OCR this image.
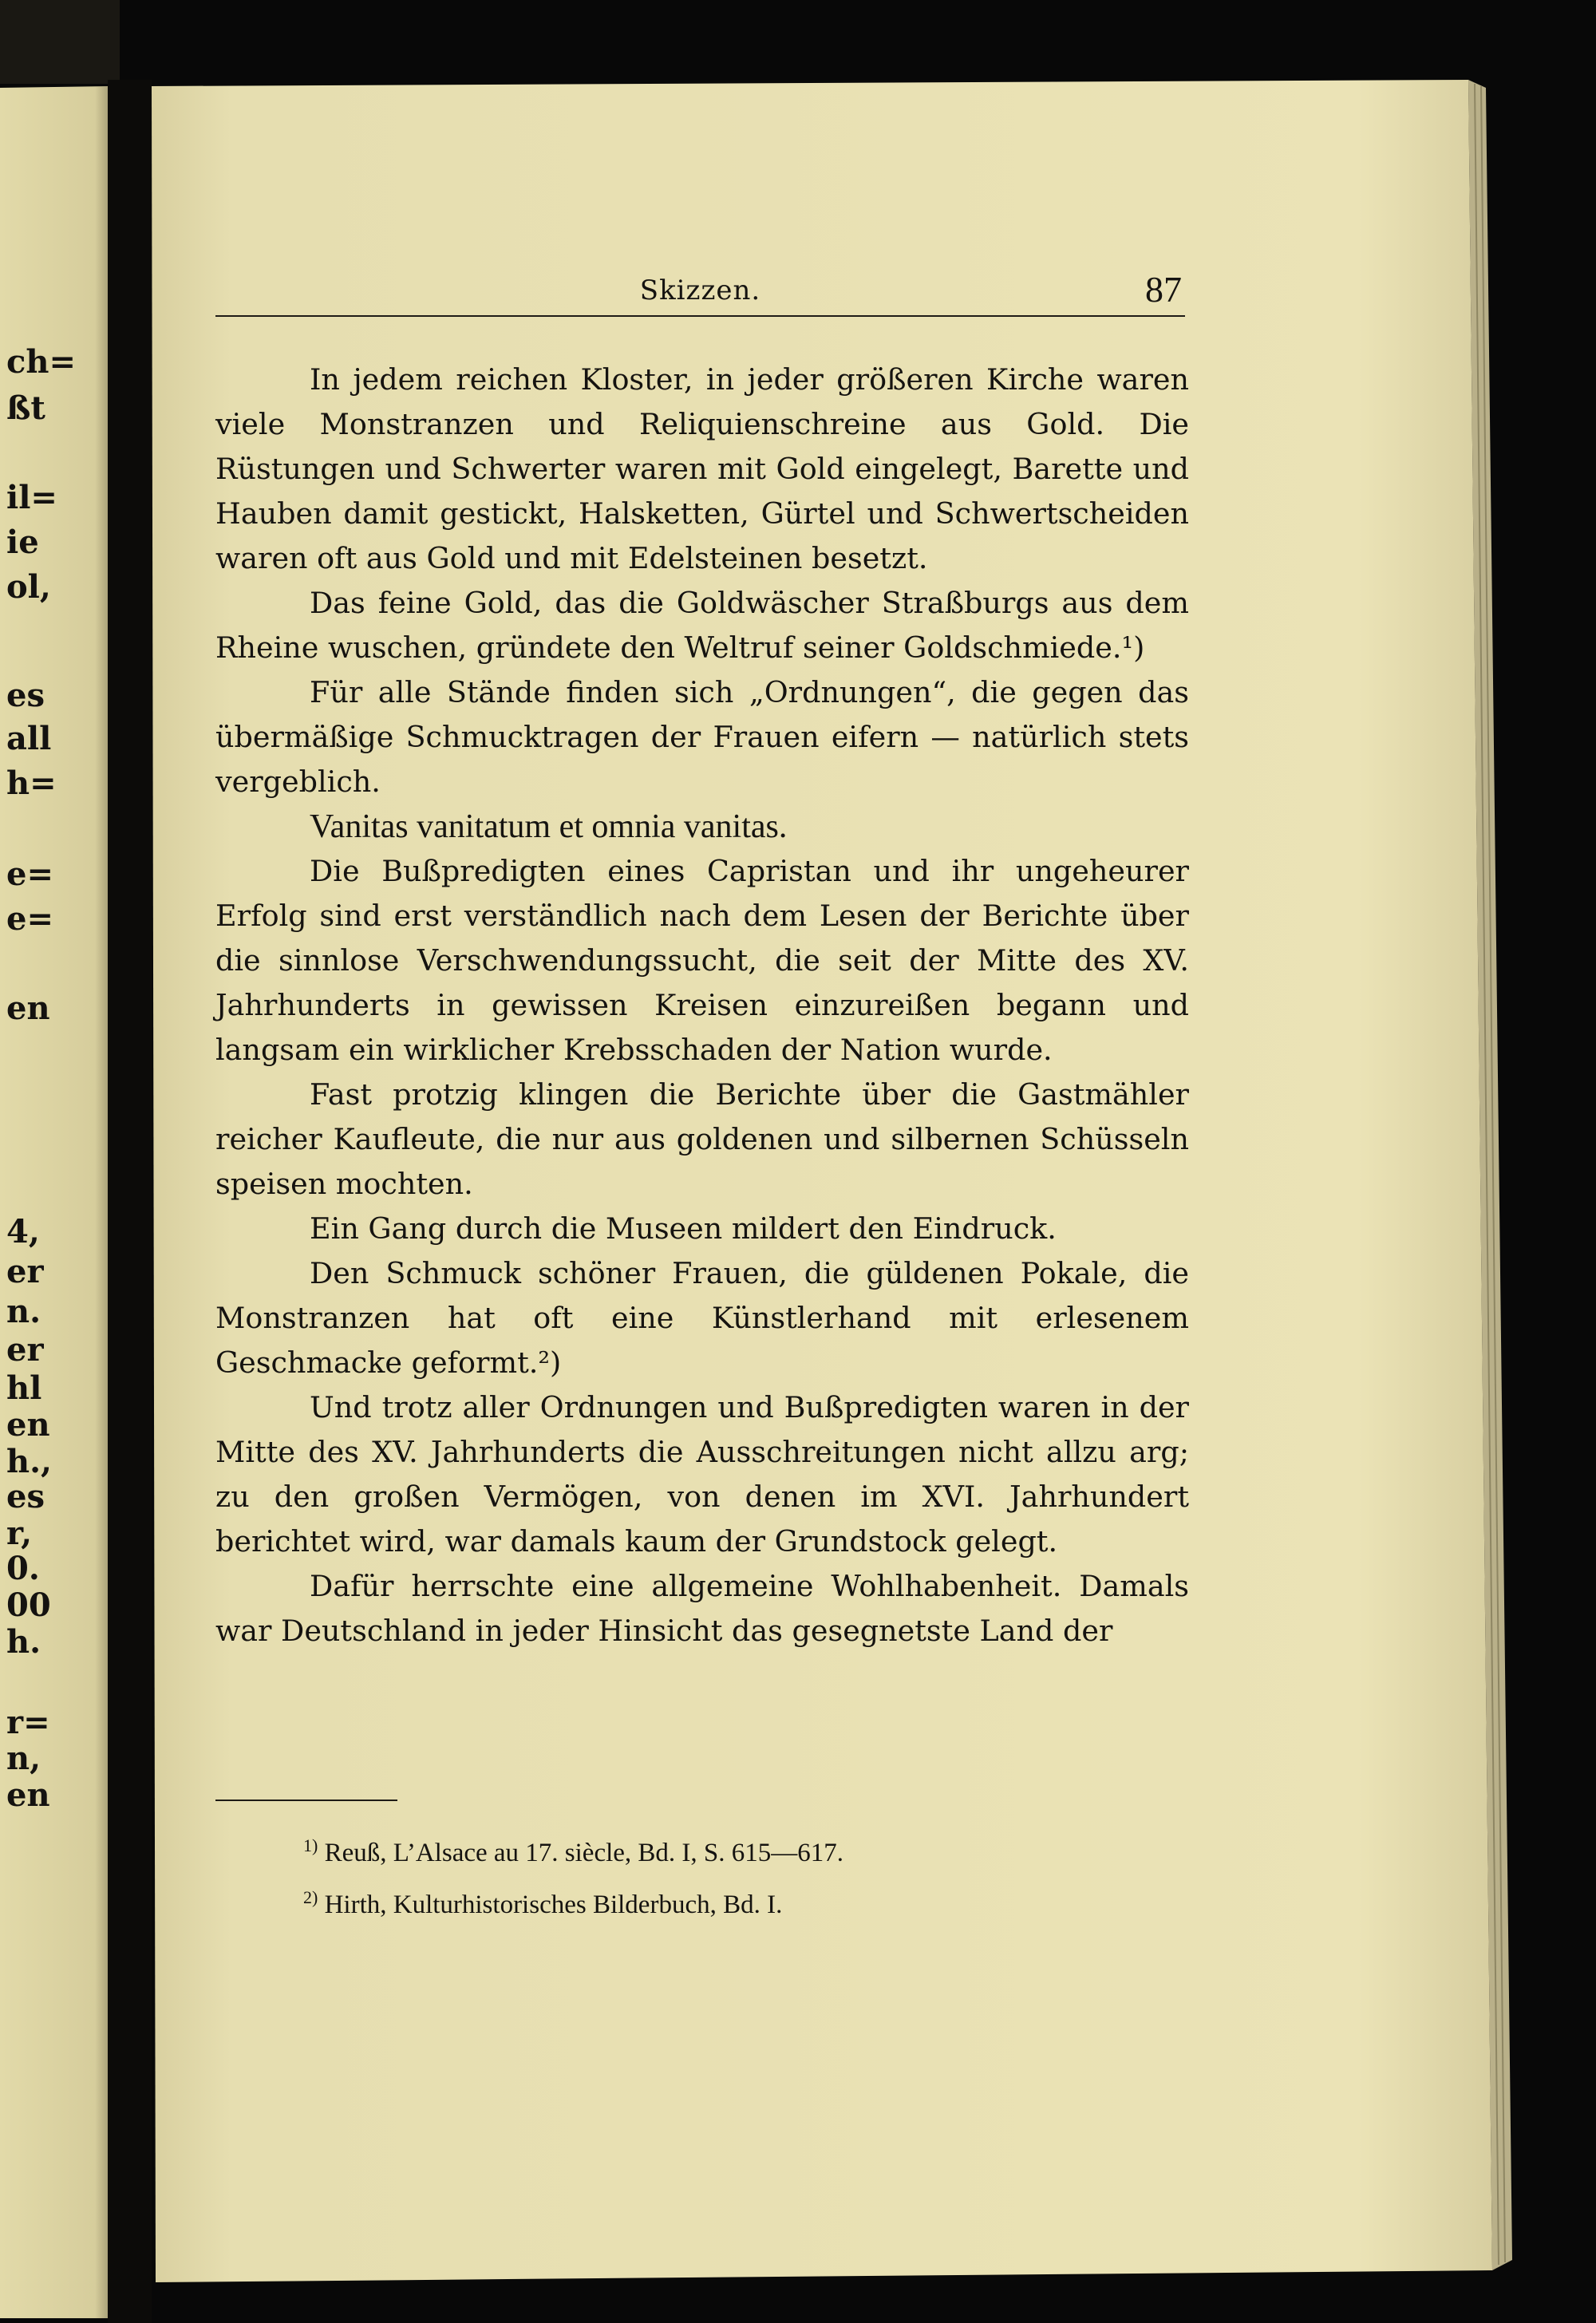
ch=
ßt
il=
ie
ol,
es
all
h=
e=
e=
en
4,
er
n.
er
hl
en
h.,
es
r,
0.
00
h.
r=
n,
en
Skizzen.	87

In jedem reichen Kloster, in jeder größeren Kirche waren viele Monstranzen und Reliquienschreine aus Gold. Die Rüstungen und Schwerter waren mit Gold eingelegt, Barette und Hauben damit gestickt, Halsketten, Gürtel und Schwertscheiden waren oft aus Gold und mit Edelsteinen besetzt.

Das feine Gold, das die Goldwäscher Straßburgs aus dem Rheine wuschen, gründete den Weltruf seiner Goldschmiede.¹)

Für alle Stände finden sich „Ordnungen“, die gegen das übermäßige Schmucktragen der Frauen eifern — natürlich stets vergeblich.

Vanitas vanitatum et omnia vanitas.

Die Bußpredigten eines Capristan und ihr ungeheurer Erfolg sind erst verständlich nach dem Lesen der Berichte über die sinnlose Verschwendungssucht, die seit der Mitte des XV. Jahrhunderts in gewissen Kreisen einzureißen begann und langsam ein wirklicher Krebsschaden der Nation wurde.

Fast protzig klingen die Berichte über die Gastmähler reicher Kaufleute, die nur aus goldenen und silbernen Schüsseln speisen mochten.

Ein Gang durch die Museen mildert den Eindruck.

Den Schmuck schöner Frauen, die güldenen Pokale, die Monstranzen hat oft eine Künstlerhand mit erlesenem Geschmacke geformt.²)

Und trotz aller Ordnungen und Bußpredigten waren in der Mitte des XV. Jahrhunderts die Ausschreitungen nicht allzu arg; zu den großen Vermögen, von denen im XVI. Jahrhundert berichtet wird, war damals kaum der Grundstock gelegt.

Dafür herrschte eine allgemeine Wohlhabenheit. Damals war Deutschland in jeder Hinsicht das gesegnetste Land der

$^{1)}$ Reuß, L’Alsace au 17. siècle, Bd. I, S. 615—617.
$^{2)}$ Hirth, Kulturhistorisches Bilderbuch, Bd. I.
